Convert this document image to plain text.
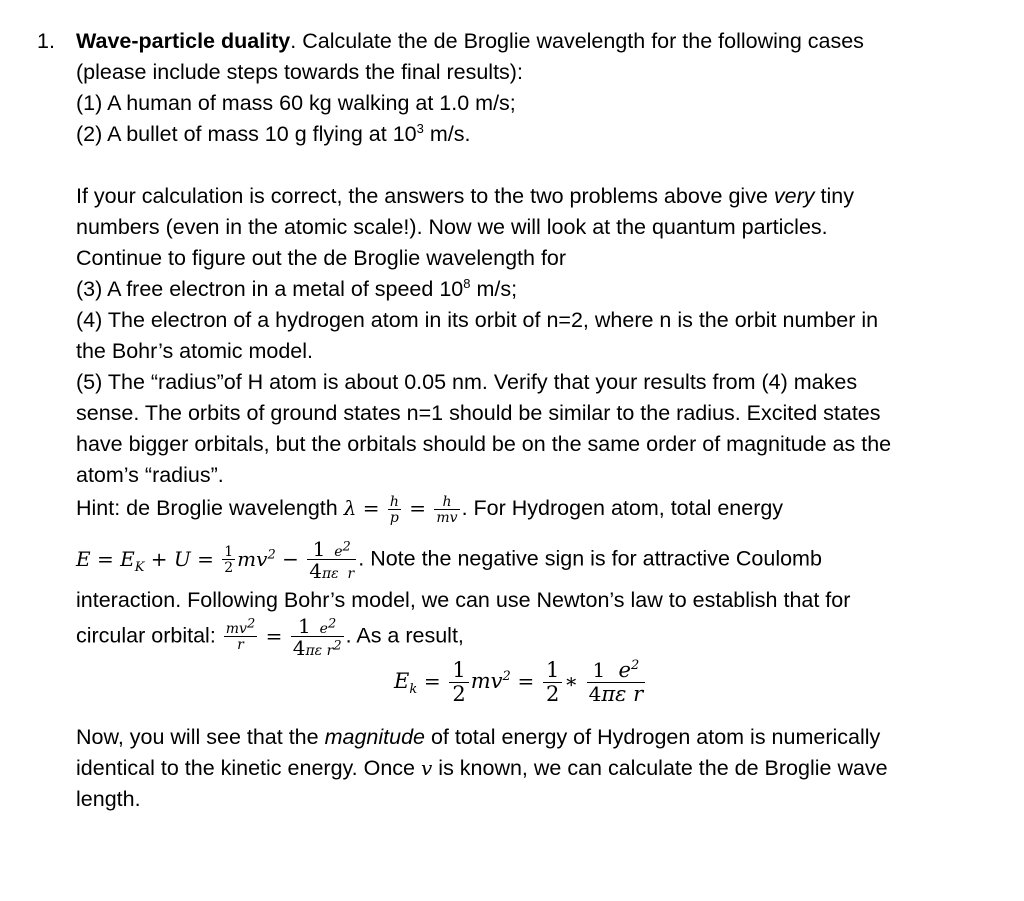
1. Wave-particle duality. Calculate the de Broglie wavelength for the following cases
(please include steps towards the final results):
(1) A human of mass 60 kg walking at 1.0 m/s;
(2) A bullet of mass 10 g flying at $10^3$ m/s.
If your calculation is correct, the answers to the two problems above give very tiny
numbers (even in the atomic scale!). Now we will look at the quantum particles.
Continue to figure out the de Broglie wavelength for
(3) A free electron in a metal of speed $10^8$ m/s;
(4) The electron of a hydrogen atom in its orbit of n=2, where n is the orbit number in
the Bohr’s atomic model.
(5) The “radius”of H atom is about 0.05 nm. Verify that your results from (4) makes
sense. The orbits of ground states n=1 should be similar to the radius. Excited states
have bigger orbitals, but the orbitals should be on the same order of magnitude as the
atom’s “radius”.
Hint: de Broglie wavelength $\lambda = \frac{h}{p} = \frac{h}{mv}$ . For Hydrogen atom, total energy
$E = E_K + U = \frac{1}{2} mv^2 - \frac{1 e2}{\text{4πε  r}}$ . Note the negative sign is for attractive Coulomb
interaction. Following Bohr’s model, we can use Newton’s law to establish that for
circular orbital: $\frac{mv2}{r} = \frac{1 e2}{\text{4πε r2}}$ . As a result,
$E_k = \frac{1}{2} mv^2 = \frac{1}{2}$ ∗ $\frac{1 e^2}{\text{4πε r}}$
Now, you will see that the magnitude of total energy of Hydrogen atom is numerically
identical to the kinetic energy. Once v is known, we can calculate the de Broglie wave
length.
